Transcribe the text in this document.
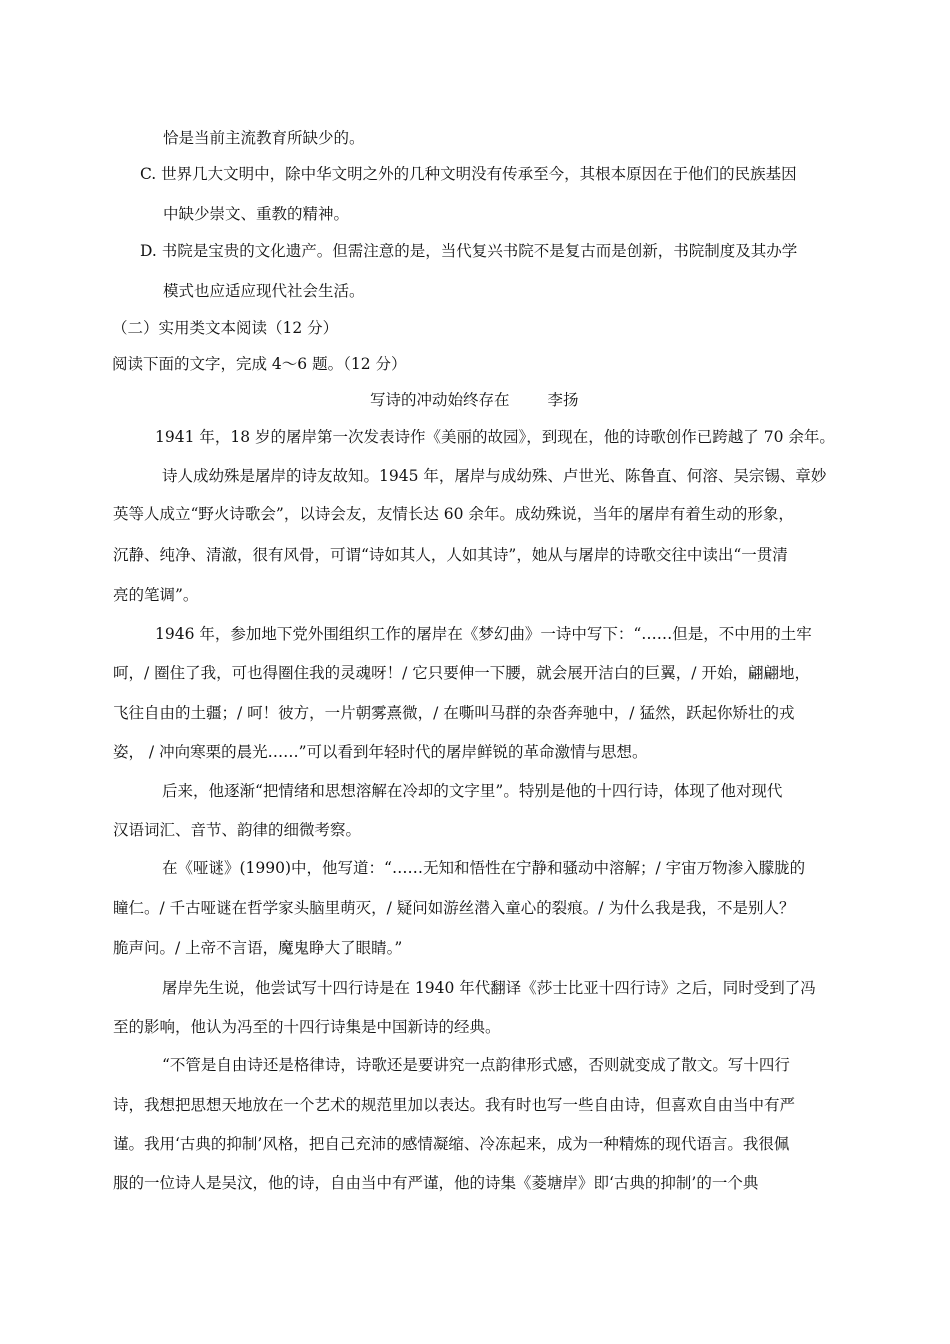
恰是当前主流教育所缺少的。
C. 世界几大文明中，除中华文明之外的几种文明没有传承至今，其根本原因在于他们的民族基因
中缺少崇文、重教的精神。
D. 书院是宝贵的文化遗产。但需注意的是，当代复兴书院不是复古而是创新，书院制度及其办学
模式也应适应现代社会生活。
（二）实用类文本阅读（12 分）
阅读下面的文字，完成 4～6 题。（12 分）
写诗的冲动始终存在 李扬
1941 年，18 岁的屠岸第一次发表诗作《美丽的故园》，到现在，他的诗歌创作已跨越了 70 余年。
诗人成幼殊是屠岸的诗友故知。1945 年，屠岸与成幼殊、卢世光、陈鲁直、何溶、吴宗锡、章妙
英等人成立“野火诗歌会”，以诗会友，友情长达 60 余年。成幼殊说，当年的屠岸有着生动的形象，
沉静、纯净、清澈，很有风骨，可谓“诗如其人，人如其诗”，她从与屠岸的诗歌交往中读出“一贯清
亮的笔调”。
1946 年，参加地下党外围组织工作的屠岸在《梦幻曲》一诗中写下：“……但是，不中用的土牢
呵，/ 圈住了我，可也得圈住我的灵魂呀！/ 它只要伸一下腰，就会展开洁白的巨翼，/ 开始，翩翩地，
飞往自由的土疆；/ 呵！彼方，一片朝雾熹微，/ 在嘶叫马群的杂沓奔驰中，/ 猛然，跃起你矫壮的戎
姿， / 冲向寒栗的晨光……”可以看到年轻时代的屠岸鲜锐的革命激情与思想。
后来，他逐渐“把情绪和思想溶解在冷却的文字里”。特别是他的十四行诗，体现了他对现代
汉语词汇、音节、韵律的细微考察。
在《哑谜》(1990)中，他写道：“……无知和悟性在宁静和骚动中溶解；/ 宇宙万物渗入朦胧的
瞳仁。/ 千古哑谜在哲学家头脑里萌灭，/ 疑问如游丝潜入童心的裂痕。/ 为什么我是我，不是别人？
脆声问。/ 上帝不言语，魔鬼睁大了眼睛。”
屠岸先生说，他尝试写十四行诗是在 1940 年代翻译《莎士比亚十四行诗》之后，同时受到了冯
至的影响，他认为冯至的十四行诗集是中国新诗的经典。
“不管是自由诗还是格律诗，诗歌还是要讲究一点韵律形式感，否则就变成了散文。写十四行
诗，我想把思想天地放在一个艺术的规范里加以表达。我有时也写一些自由诗，但喜欢自由当中有严
谨。我用‘古典的抑制’风格，把自己充沛的感情凝缩、冷冻起来，成为一种精炼的现代语言。我很佩
服的一位诗人是吴汶，他的诗，自由当中有严谨，他的诗集《菱塘岸》即‘古典的抑制’的一个典
